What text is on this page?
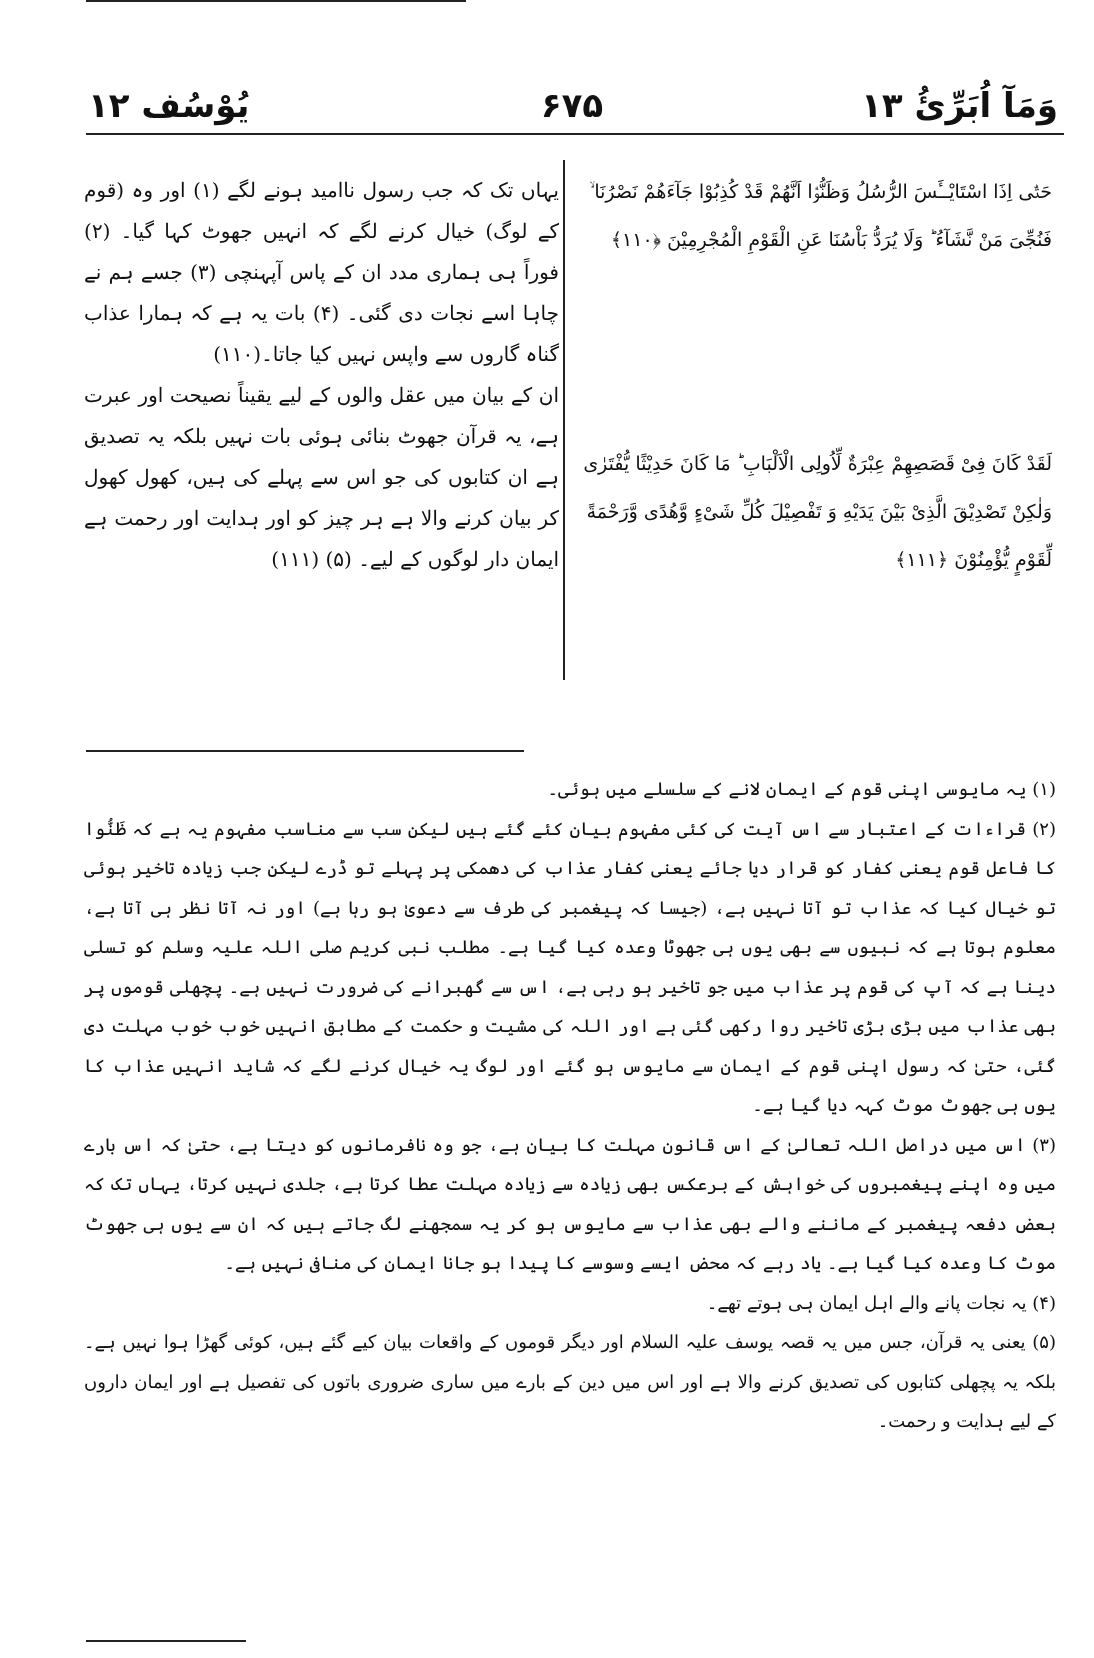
یُوْسُف ۱۲	۶۷۵	وَمَآ اُبَرِّئُ ۱۳

یہاں تک کہ جب رسول ناامید ہونے لگے (۱) اور وہ (قوم کے لوگ) خیال کرنے لگے کہ انہیں جھوٹ کہا گیا۔ (۲) فوراً ہی ہماری مدد ان کے پاس آپہنچی (۳) جسے ہم نے چاہا اسے نجات دی گئی۔ (۴) بات یہ ہے کہ ہمارا عذاب گناہ گاروں سے واپس نہیں کیا جاتا۔(۱۱۰)

ان کے بیان میں عقل والوں کے لیے یقیناً نصیحت اور عبرت ہے، یہ قرآن جھوٹ بنائی ہوئی بات نہیں بلکہ یہ تصدیق ہے ان کتابوں کی جو اس سے پہلے کی ہیں، کھول کھول کر بیان کرنے والا ہے ہر چیز کو اور ہدایت اور رحمت ہے ایمان دار لوگوں کے لیے۔ (۵) (۱۱۱)

حَتّٰۤى اِذَا اسْتَايْــَٔسَ الرُّسُلُ وَظَنُّوْۤا اَنَّهُمْ قَدْ كُذِبُوْا جَآءَهُمْ نَصْرُنَا ۙ فَنُجِّیَ مَنْ نَّشَآءُ ؕ وَلَا يُرَدُّ بَاْسُنَا عَنِ الْقَوْمِ الْمُجْرِمِيْنَ ﴿۱۱۰﴾
لَقَدْ كَانَ فِیْ قَصَصِهِمْ عِبْرَةٌ لِّاُولِی الْاَلْبَابِ ؕ مَا كَانَ حَدِيْثًا يُّفْتَرٰى وَلٰكِنْ تَصْدِيْقَ الَّذِیْ بَيْنَ يَدَيْهِ وَ تَفْصِيْلَ كُلِّ شَیْءٍ وَّهُدًى وَّرَحْمَةً لِّقَوْمٍ يُّؤْمِنُوْنَ ﴿۱۱۱﴾

(۱) یہ مایوسی اپنی قوم کے ایمان لانے کے سلسلے میں ہوئی۔

(۲) قراءات کے اعتبار سے اس آیت کی کئی مفہوم بیان کئے گئے ہیں لیکن سب سے مناسب مفہوم یہ ہے کہ ظَنُّوا کا فاعل قوم یعنی کفار کو قرار دیا جائے یعنی کفار عذاب کی دھمکی پر پہلے تو ڈرے لیکن جب زیادہ تاخیر ہوئی تو خیال کیا کہ عذاب تو آتا نہیں ہے، (جیسا کہ پیغمبر کی طرف سے دعویٰ ہو رہا ہے) اور نہ آتا نظر ہی آتا ہے، معلوم ہوتا ہے کہ نبیوں سے بھی یوں ہی جھوٹا وعدہ کیا گیا ہے۔ مطلب نبی کریم صلی اللہ علیہ وسلم کو تسلی دینا ہے کہ آپ کی قوم پر عذاب میں جو تاخیر ہو رہی ہے، اس سے گھبرانے کی ضرورت نہیں ہے۔ پچھلی قوموں پر بھی عذاب میں بڑی بڑی تاخیر روا رکھی گئی ہے اور اللہ کی مشیت و حکمت کے مطابق انہیں خوب خوب مہلت دی گئی، حتیٰ کہ رسول اپنی قوم کے ایمان سے مایوس ہو گئے اور لوگ یہ خیال کرنے لگے کہ شاید انہیں عذاب کا یوں ہی جھوٹ موٹ کہہ دیا گیا ہے۔

(۳) اس میں دراصل اللہ تعالیٰ کے اس قانون مہلت کا بیان ہے، جو وہ نافرمانوں کو دیتا ہے، حتیٰ کہ اس بارے میں وہ اپنے پیغمبروں کی خواہش کے برعکس بھی زیادہ سے زیادہ مہلت عطا کرتا ہے، جلدی نہیں کرتا، یہاں تک کہ بعض دفعہ پیغمبر کے ماننے والے بھی عذاب سے مایوس ہو کر یہ سمجھنے لگ جاتے ہیں کہ ان سے یوں ہی جھوٹ موٹ کا وعدہ کیا گیا ہے۔ یاد رہے کہ محض ایسے وسوسے کا پیدا ہو جانا ایمان کی منافی نہیں ہے۔

(۴) یہ نجات پانے والے اہل ایمان ہی ہوتے تھے۔

(۵) یعنی یہ قرآن، جس میں یہ قصہ یوسف علیہ السلام اور دیگر قوموں کے واقعات بیان کیے گئے ہیں، کوئی گھڑا ہوا نہیں ہے۔ بلکہ یہ پچھلی کتابوں کی تصدیق کرنے والا ہے اور اس میں دین کے بارے میں ساری ضروری باتوں کی تفصیل ہے اور ایمان داروں کے لیے ہدایت و رحمت۔
